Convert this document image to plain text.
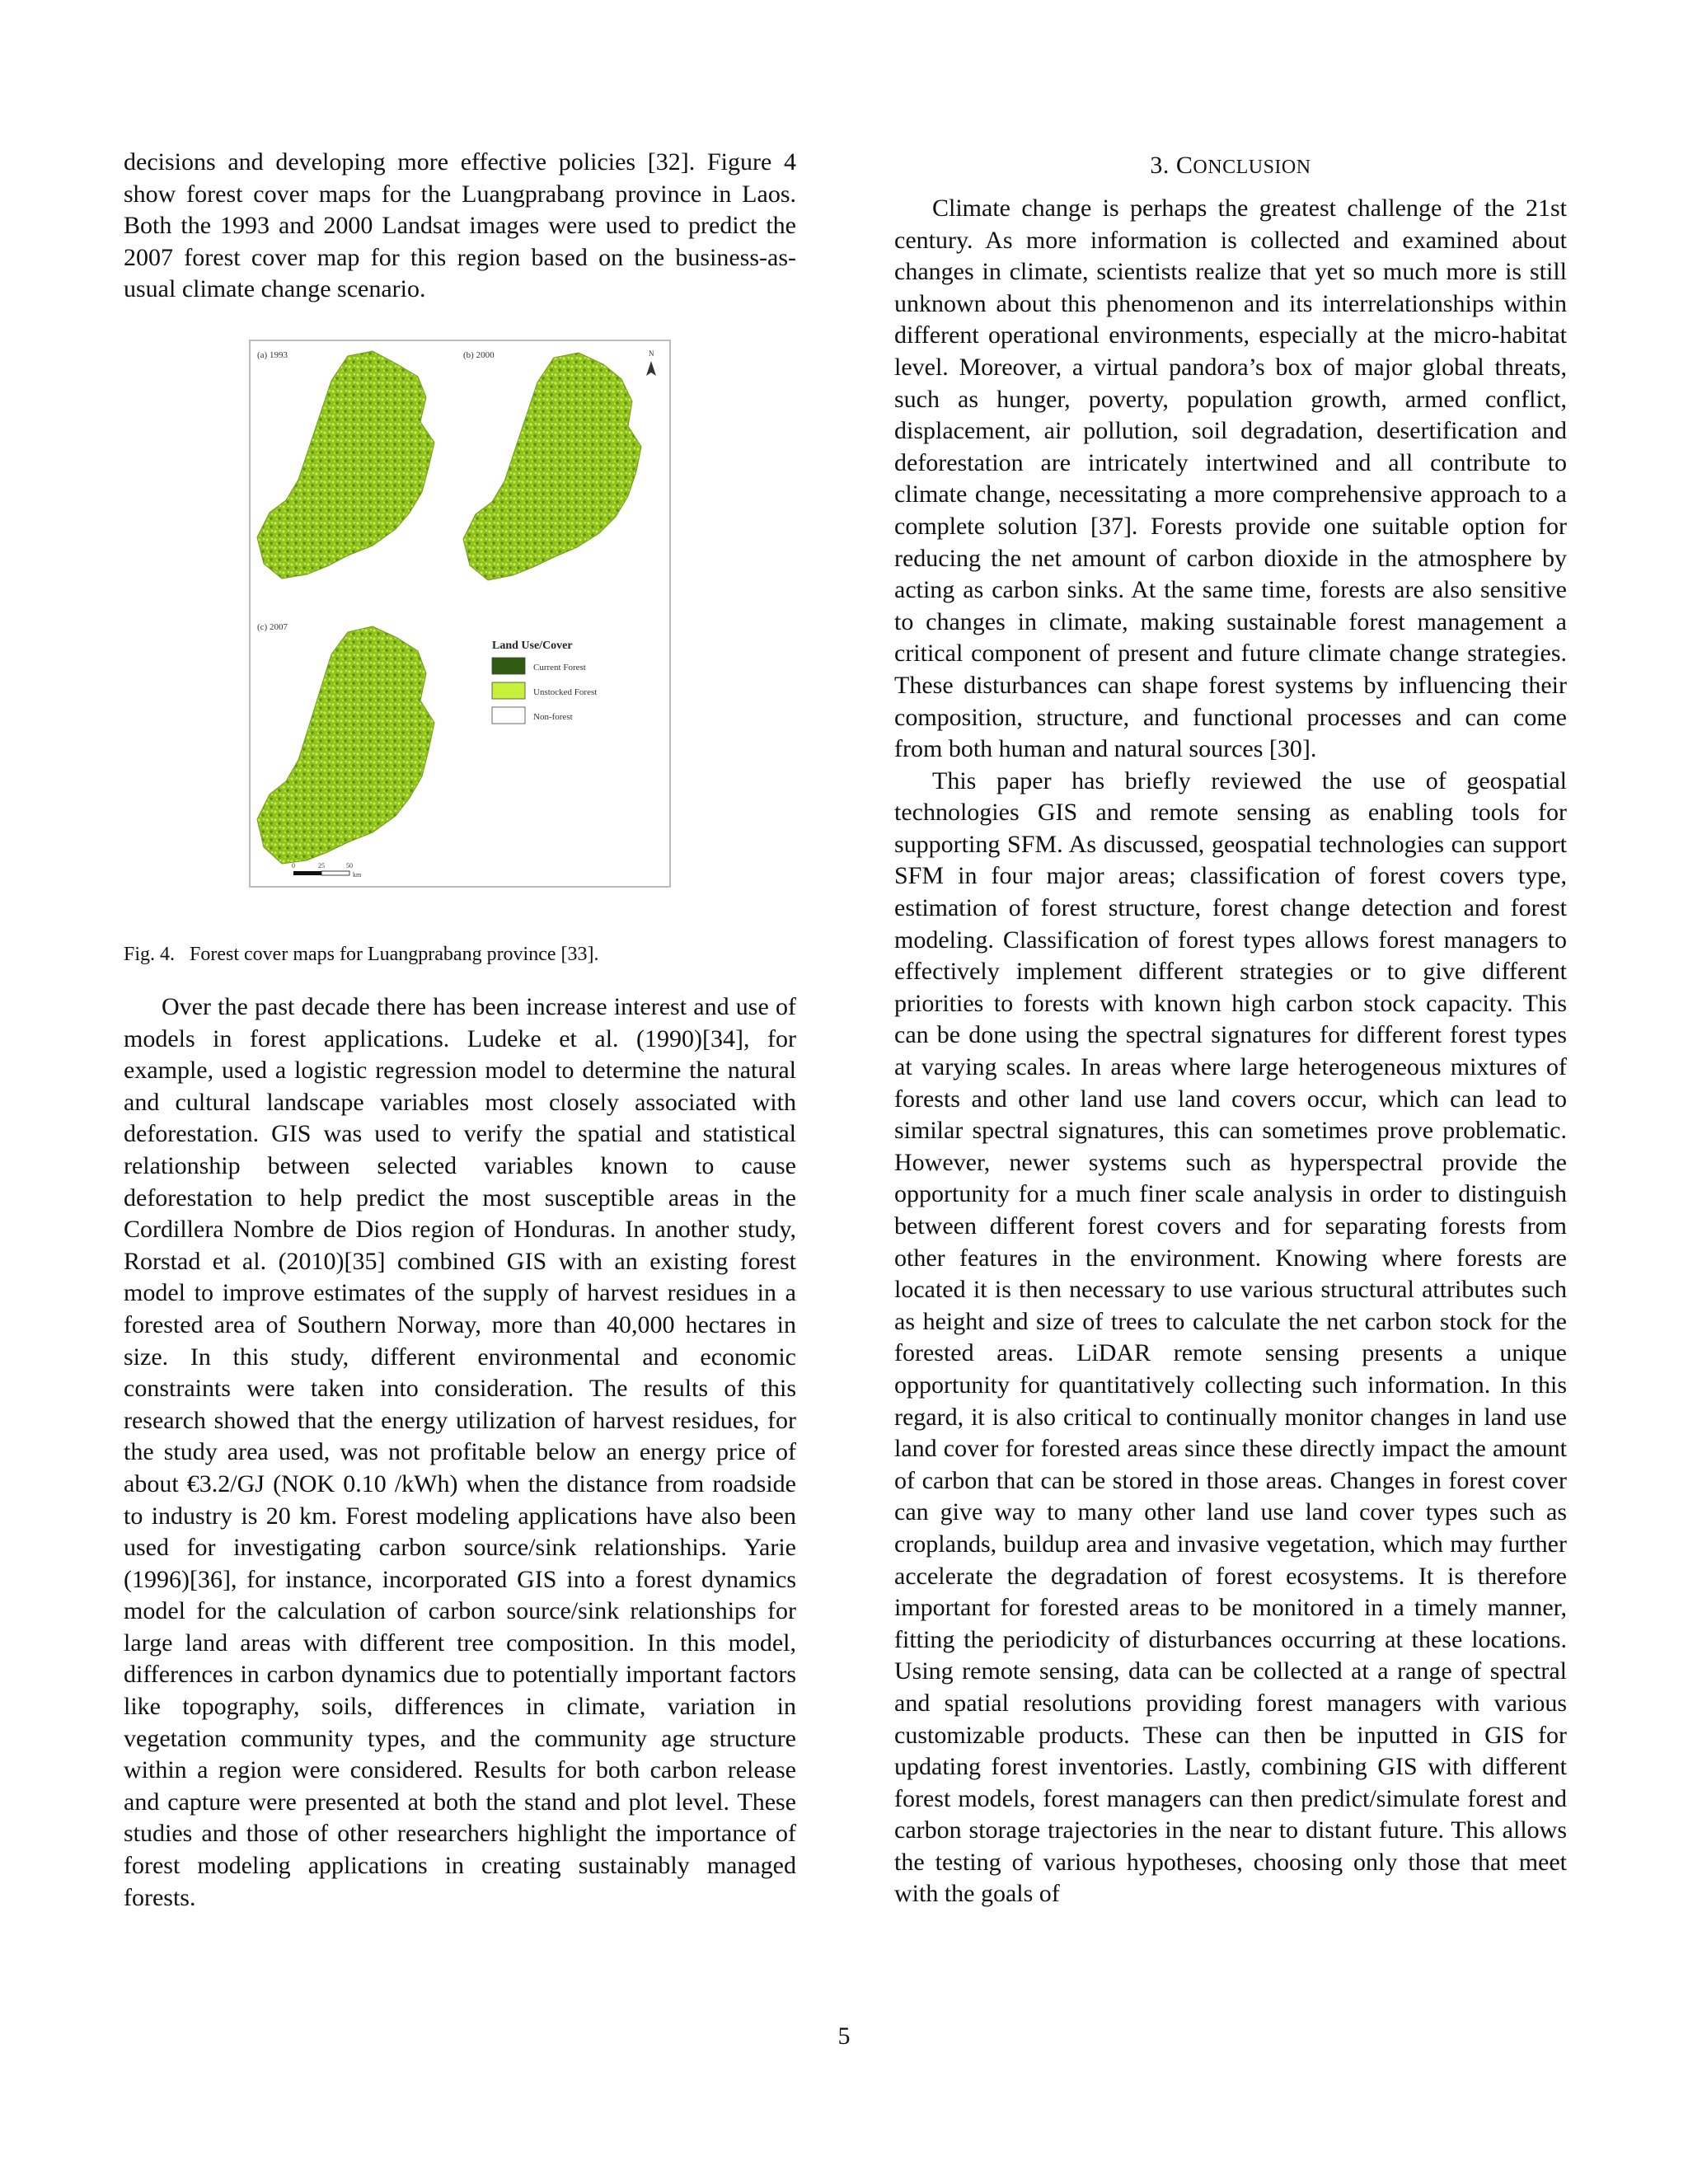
decisions and developing more effective policies [32]. Figure 4 show forest cover maps for the Luangprabang province in Laos. Both the 1993 and 2000 Landsat images were used to predict the 2007 forest cover map for this region based on the business-as-usual climate change scenario.

(a) 1993	(b) 2000
(c) 2007
N
Land Use/Cover
Current Forest
Unstocked Forest
Non-forest
0	25	50
km
Fig. 4. Forest cover maps for Luangprabang province [33].

Over the past decade there has been increase interest and use of models in forest applications. Ludeke et al. (1990)[34], for example, used a logistic regression model to determine the natural and cultural landscape variables most closely associated with deforestation. GIS was used to verify the spatial and statistical relationship between selected variables known to cause deforestation to help predict the most susceptible areas in the Cordillera Nombre de Dios region of Honduras. In another study, Rorstad et al. (2010)[35] combined GIS with an existing forest model to improve estimates of the supply of harvest residues in a forested area of Southern Norway, more than 40,000 hectares in size. In this study, different environmental and economic constraints were taken into consideration. The results of this research showed that the energy utilization of harvest residues, for the study area used, was not profitable below an energy price of about €3.2/GJ (NOK 0.10 /kWh) when the distance from roadside to industry is 20 km. Forest modeling applications have also been used for investigating carbon source/sink relationships. Yarie (1996)[36], for instance, incorporated GIS into a forest dynamics model for the calculation of carbon source/sink relationships for large land areas with different tree composition. In this model, differences in carbon dynamics due to potentially important factors like topography, soils, differences in climate, variation in vegetation community types, and the community age structure within a region were considered. Results for both carbon release and capture were presented at both the stand and plot level. These studies and those of other researchers highlight the importance of forest modeling applications in creating sustainably managed forests.

3. CONCLUSION

Climate change is perhaps the greatest challenge of the 21st century. As more information is collected and examined about changes in climate, scientists realize that yet so much more is still unknown about this phenomenon and its interrelationships within different operational environments, especially at the micro-habitat level. Moreover, a virtual pandora’s box of major global threats, such as hunger, poverty, population growth, armed conflict, displacement, air pollution, soil degradation, desertification and deforestation are intricately intertwined and all contribute to climate change, necessitating a more comprehensive approach to a complete solution [37]. Forests provide one suitable option for reducing the net amount of carbon dioxide in the atmosphere by acting as carbon sinks. At the same time, forests are also sensitive to changes in climate, making sustainable forest management a critical component of present and future climate change strategies. These disturbances can shape forest systems by influencing their composition, structure, and functional processes and can come from both human and natural sources [30].

This paper has briefly reviewed the use of geospatial technologies GIS and remote sensing as enabling tools for supporting SFM. As discussed, geospatial technologies can support SFM in four major areas; classification of forest covers type, estimation of forest structure, forest change detection and forest modeling. Classification of forest types allows forest managers to effectively implement different strategies or to give different priorities to forests with known high carbon stock capacity. This can be done using the spectral signatures for different forest types at varying scales. In areas where large heterogeneous mixtures of forests and other land use land covers occur, which can lead to similar spectral signatures, this can sometimes prove problematic. However, newer systems such as hyperspectral provide the opportunity for a much finer scale analysis in order to distinguish between different forest covers and for separating forests from other features in the environment. Knowing where forests are located it is then necessary to use various structural attributes such as height and size of trees to calculate the net carbon stock for the forested areas. LiDAR remote sensing presents a unique opportunity for quantitatively collecting such information. In this regard, it is also critical to continually monitor changes in land use land cover for forested areas since these directly impact the amount of carbon that can be stored in those areas. Changes in forest cover can give way to many other land use land cover types such as croplands, buildup area and invasive vegetation, which may further accelerate the degradation of forest ecosystems. It is therefore important for forested areas to be monitored in a timely manner, fitting the periodicity of disturbances occurring at these locations. Using remote sensing, data can be collected at a range of spectral and spatial resolutions providing forest managers with various customizable products. These can then be inputted in GIS for updating forest inventories. Lastly, combining GIS with different forest models, forest managers can then predict/simulate forest and carbon storage trajectories in the near to distant future. This allows the testing of various hypotheses, choosing only those that meet with the goals of

5
